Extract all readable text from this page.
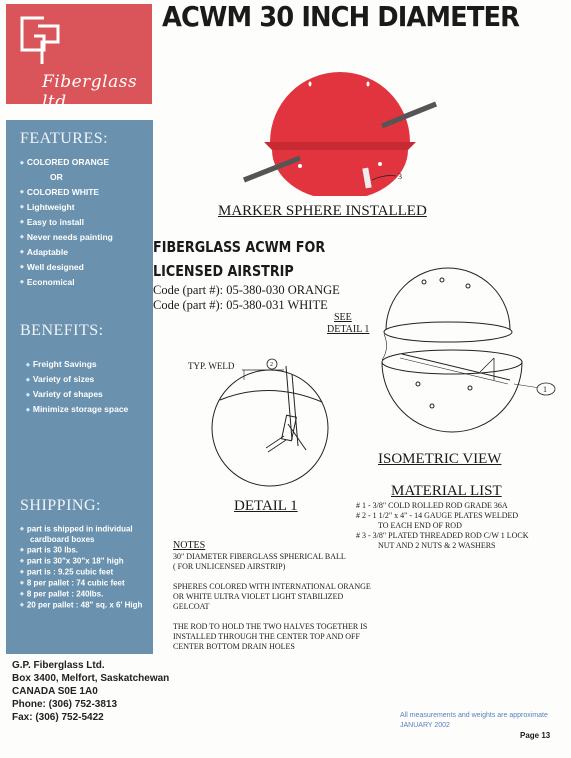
Fiberglass ltd.
ACWM 30 INCH DIAMETER
FEATURES:
◆ COLORED ORANGE
OR
◆ COLORED WHITE
◆ Lightweight
◆ Easy to install
◆ Never needs painting
◆ Adaptable
◆ Well designed
◆ Economical
BENEFITS:
◆ Freight Savings
◆ Variety of sizes
◆ Variety of shapes
◆ Minimize storage space
SHIPPING:
◆ part is shipped in individual
cardboard boxes
◆ part is 30 lbs.
◆ part is 30"x 30"x 18" high
◆ part is : 9.25 cubic feet
◆ 8 per pallet : 74 cubic feet
◆ 8 per pallet : 240lbs.
◆ 20 per pallet : 48" sq. x 6' High
G.P. Fiberglass Ltd.
Box 3400, Melfort, Saskatchewan
CANADA S0E 1A0
Phone: (306) 752-3813
Fax: (306) 752-5422
3
MARKER SPHERE INSTALLED
FIBERGLASS ACWM FOR
LICENSED AIRSTRIP
Code (part #): 05-380-030 ORANGE
Code (part #): 05-380-031 WHITE
1
SEE
DETAIL 1
ISOMETRIC VIEW
TYP. WELD	2
DETAIL 1
MATERIAL LIST
# 1 - 3/8" COLD ROLLED ROD GRADE 36A
# 2 - 1 1/2" x 4" - 14 GAUGE PLATES WELDED
TO EACH END OF ROD
# 3 - 3/8" PLATED THREADED ROD C/W 1 LOCK
NUT AND 2 NUTS & 2 WASHERS
NOTES
30" DIAMETER FIBERGLASS SPHERICAL BALL
( FOR UNLICENSED AIRSTRIP)
SPHERES COLORED WITH INTERNATIONAL ORANGE
OR WHITE ULTRA VIOLET LIGHT STABILIZED
GELCOAT
THE ROD TO HOLD THE TWO HALVES TOGETHER IS
INSTALLED THROUGH THE CENTER TOP AND OFF
CENTER BOTTOM DRAIN HOLES
All measurements and weights are approximate
JANUARY 2002
Page 13
